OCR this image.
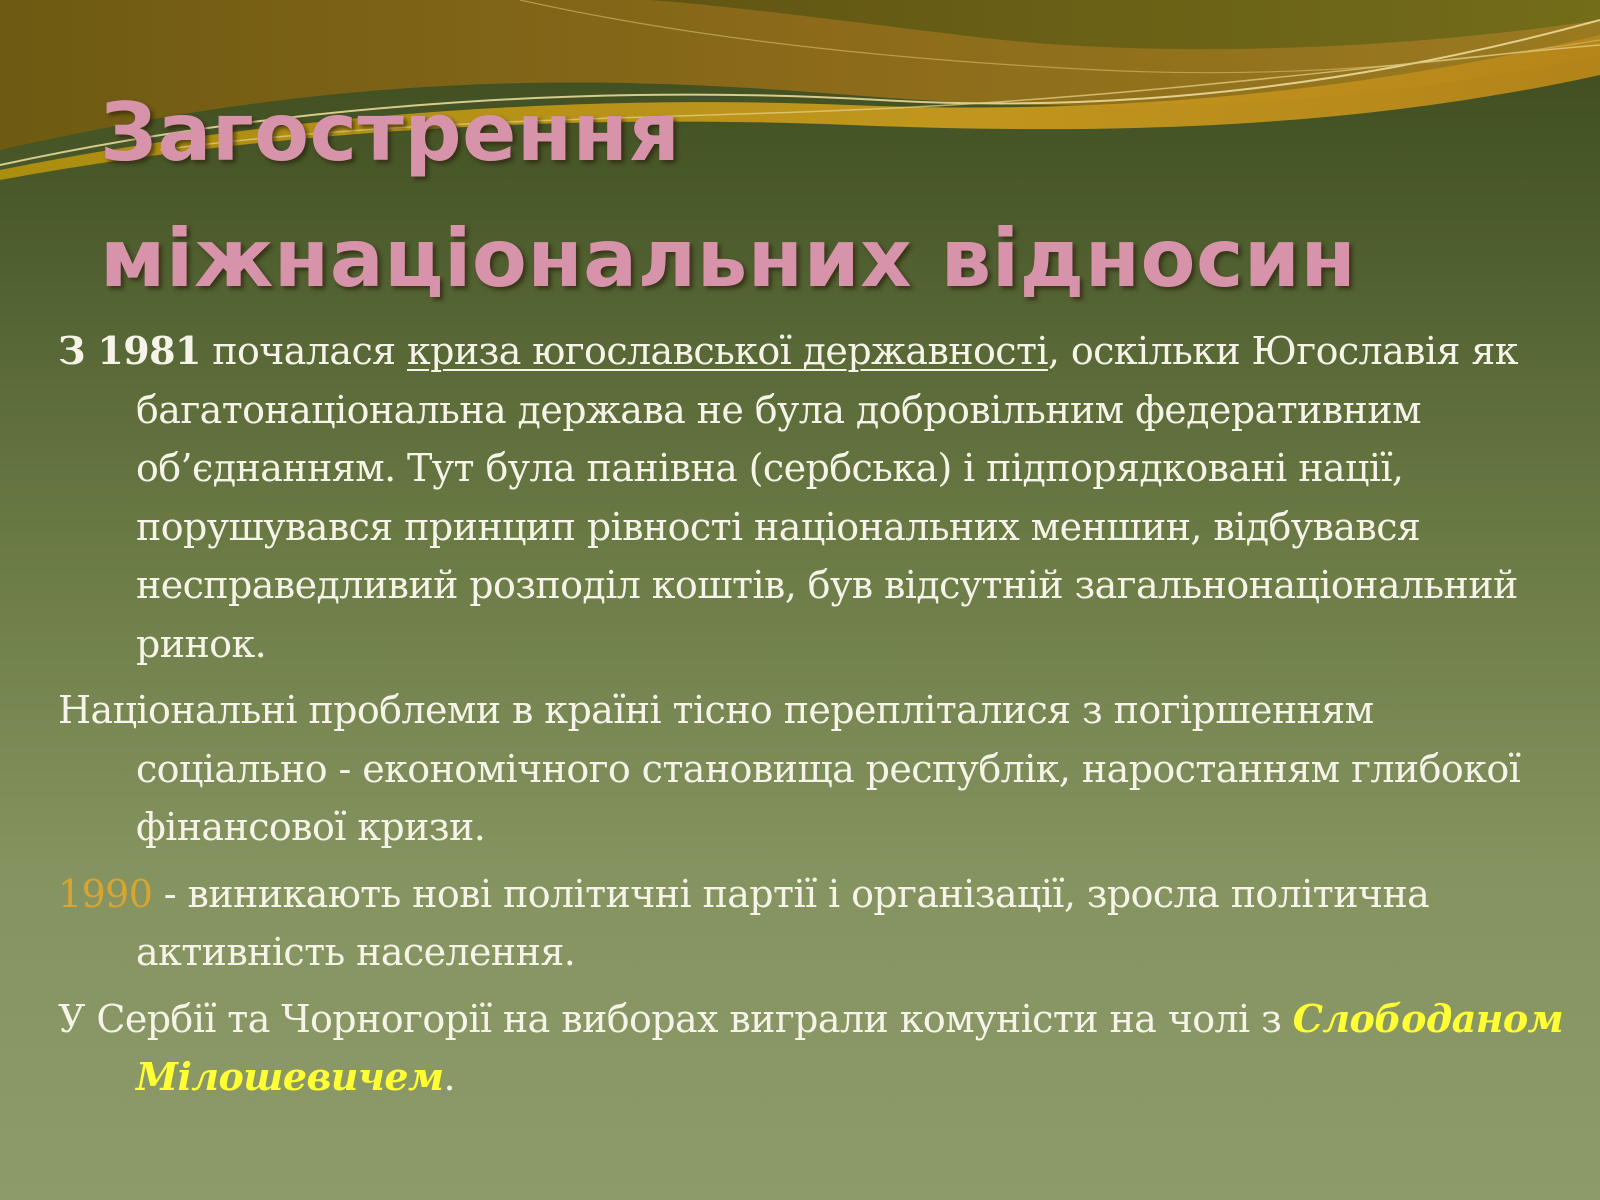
Загострення
міжнаціональних відносин

З 1981 почалася криза югославської державності, оскільки Югославія як багатонаціональна держава не була добровільним федеративним об’єднанням. Тут була панівна (сербська) і підпорядковані нації, порушувався принцип рівності національних меншин, відбувався несправедливий розподіл коштів, був відсутній загальнонаціональний ринок.

Національні проблеми в країні тісно перепліталися з погіршенням соціально - економічного становища республік, наростанням глибокої фінансової кризи.

1990 - виникають нові політичні партії і організації, зросла політична активність населення.

У Сербії та Чорногорії на виборах виграли комуністи на чолі з Слободаном Мілошевичем.
